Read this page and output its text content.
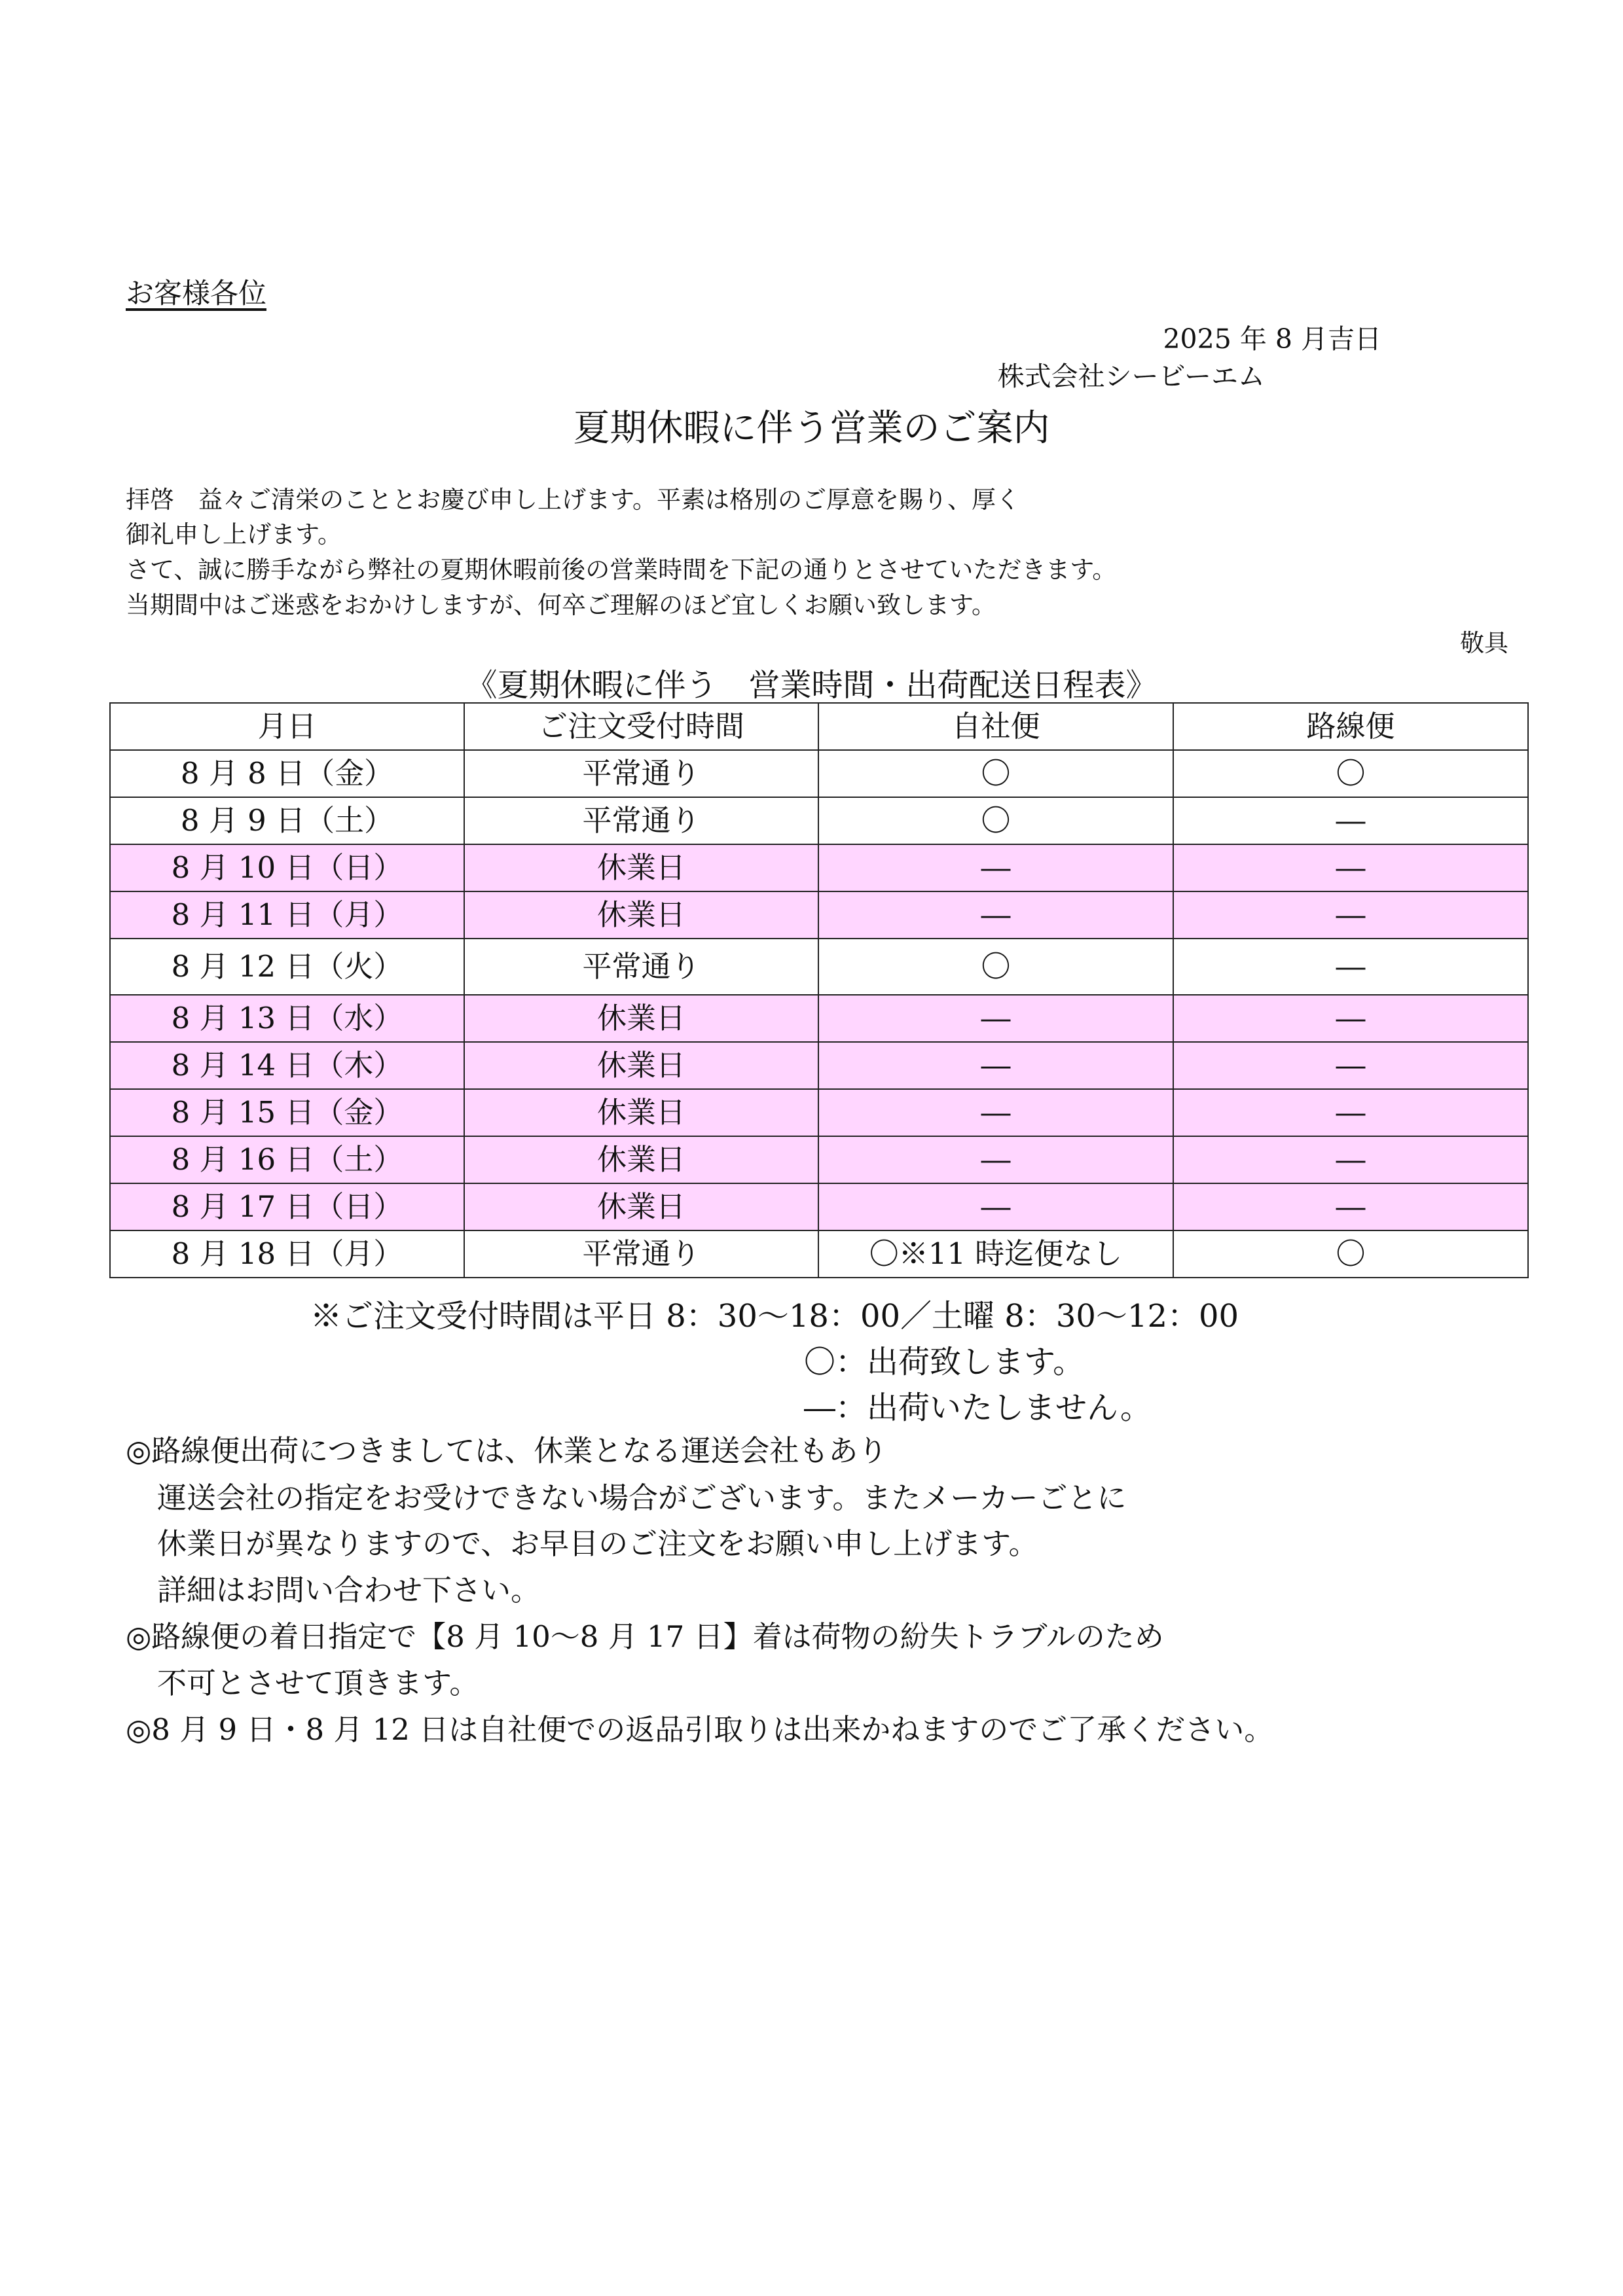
お客様各位
2025 年 8 月吉日
株式会社シービーエム
夏期休暇に伴う営業のご案内
拝啓　益々ご清栄のこととお慶び申し上げます。平素は格別のご厚意を賜り、厚く
御礼申し上げます。
さて、誠に勝手ながら弊社の夏期休暇前後の営業時間を下記の通りとさせていただきます。
当期間中はご迷惑をおかけしますが、何卒ご理解のほど宜しくお願い致します。
敬具
《夏期休暇に伴う　営業時間・出荷配送日程表》
月日	ご注文受付時間	自社便	路線便
8 月 8 日（金）	平常通り	〇	〇
8 月 9 日（土）	平常通り	〇	―
8 月 10 日（日）	休業日	―	―
8 月 11 日（月）	休業日	―	―
8 月 12 日（火）	平常通り	〇	―
8 月 13 日（水）	休業日	―	―
8 月 14 日（木）	休業日	―	―
8 月 15 日（金）	休業日	―	―
8 月 16 日（土）	休業日	―	―
8 月 17 日（日）	休業日	―	―
8 月 18 日（月）	平常通り	〇※11 時迄便なし	〇
※ご注文受付時間は平日 8：30～18：00／土曜 8：30～12：00
〇：出荷致します。
―：出荷いたしません。
◎路線便出荷につきましては、休業となる運送会社もあり
運送会社の指定をお受けできない場合がございます。またメーカーごとに
休業日が異なりますので、お早目のご注文をお願い申し上げます。
詳細はお問い合わせ下さい。
◎路線便の着日指定で【8 月 10～8 月 17 日】着は荷物の紛失トラブルのため
不可とさせて頂きます。
◎8 月 9 日・8 月 12 日は自社便での返品引取りは出来かねますのでご了承ください。
